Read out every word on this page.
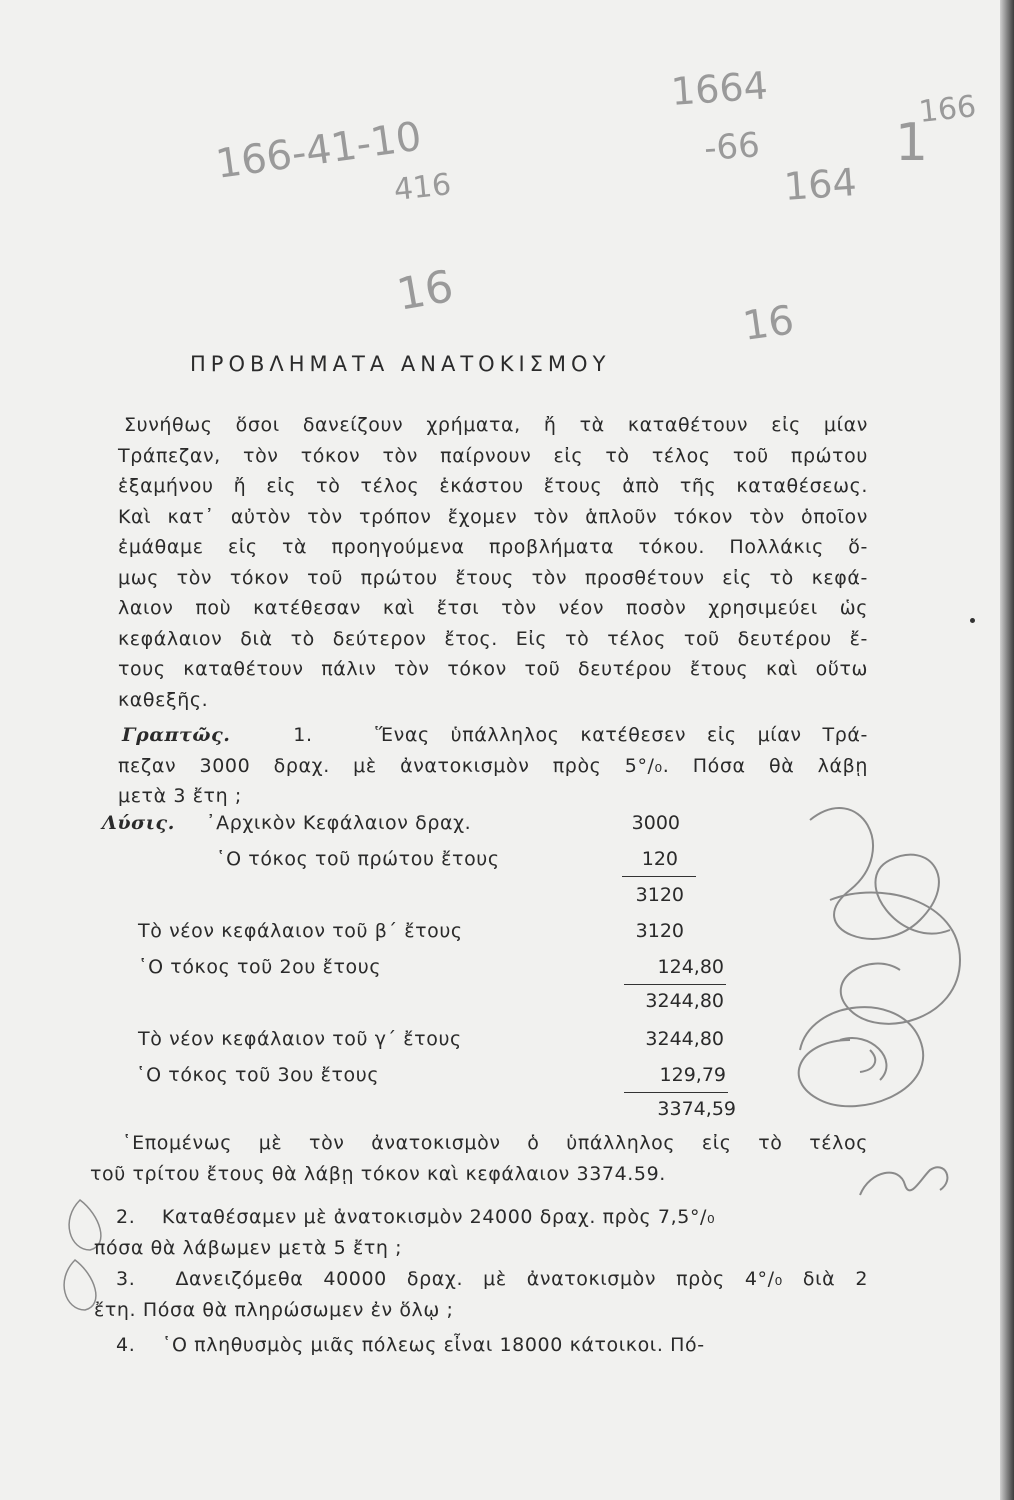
166-41-10
416
1664
-66
164
1
166
16
16
ΠΡΟΒΛΗΜΑΤΑ ΑΝΑΤΟΚΙΣΜΟΥ
Συνήθως ὅσοι δανείζουν χρήματα, ἤ τὰ καταθέτουν εἰς μίαν
Τράπεζαν, τὸν τόκον τὸν παίρνουν εἰς τὸ τέλος τοῦ πρώτου
ἑξαμήνου ἤ εἰς τὸ τέλος ἑκάστου ἔτους ἀπὸ τῆς καταθέσεως.
Καὶ κατ᾽ αὐτὸν τὸν τρόπον ἔχομεν τὸν ἁπλοῦν τόκον τὸν ὁποῖον
ἐμάθαμε εἰς τὰ προηγούμενα προβλήματα τόκου. Πολλάκις ὅ-
μως τὸν τόκον τοῦ πρώτου ἔτους τὸν προσθέτουν εἰς τὸ κεφά-
λαιον ποὺ κατέθεσαν καὶ ἔτσι τὸν νέον ποσὸν χρησιμεύει ὡς
κεφάλαιον διὰ τὸ δεύτερον ἔτος. Εἰς τὸ τέλος τοῦ δευτέρου ἔ-
τους καταθέτουν πάλιν τὸν τόκον τοῦ δευτέρου ἔτους καὶ οὕτω
καθεξῆς.
Γραπτῶς.	1.	Ἕνας ὑπάλληλος κατέθεσεν εἰς μίαν Τρά-
πεζαν 3000 δραχ. μὲ ἀνατοκισμὸν πρὸς 5°/₀. Πόσα θὰ λάβῃ
μετὰ 3 ἔτη ;
Λύσις. ᾿Αρχικὸν Κεφάλαιον δραχ.	3000
῾Ο τόκος τοῦ πρώτου ἔτους	120
3120
Τὸ νέον κεφάλαιον τοῦ β΄ ἔτους	3120
῾Ο τόκος τοῦ 2ου ἔτους	124,80
3244,80
Τὸ νέον κεφάλαιον τοῦ γ΄ ἔτους	3244,80
῾Ο τόκος τοῦ 3ου ἔτους	129,79
3374,59
῾Επομένως μὲ τὸν ἀνατοκισμὸν ὁ ὑπάλληλος εἰς τὸ τέλος
τοῦ τρίτου ἔτους θὰ λάβῃ τόκον καὶ κεφάλαιον 3374.59.
2. Καταθέσαμεν μὲ ἀνατοκισμὸν 24000 δραχ. πρὸς 7,5°/₀
πόσα θὰ λάβωμεν μετὰ 5 ἔτη ;
3. Δανειζόμεθα 40000 δραχ. μὲ ἀνατοκισμὸν πρὸς 4°/₀ διὰ 2
ἔτη. Πόσα θὰ πληρώσωμεν ἐν ὅλῳ ;
4. ῾Ο πληθυσμὸς μιᾶς πόλεως εἶναι 18000 κάτοικοι. Πό-
